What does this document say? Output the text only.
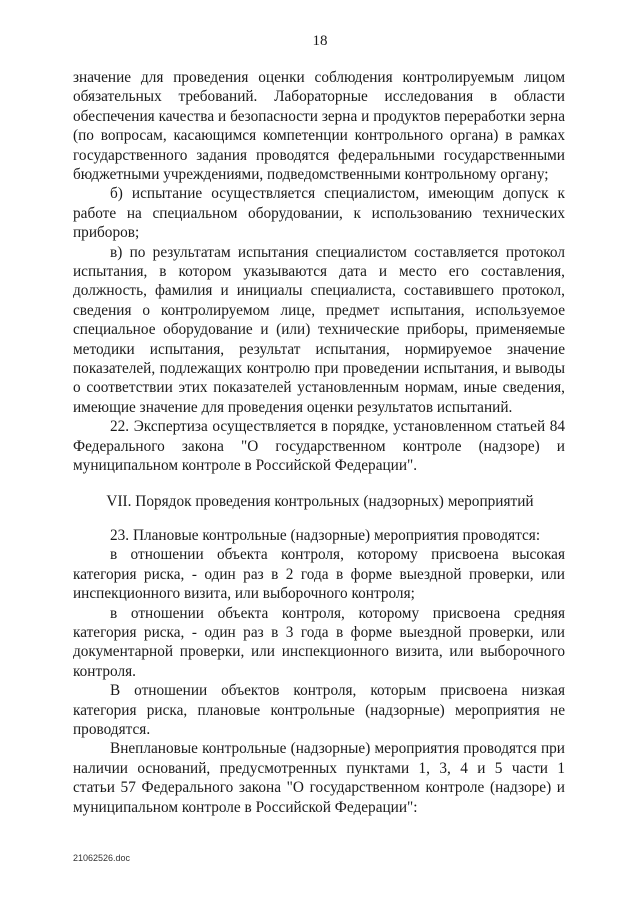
18
значение для проведения оценки соблюдения контролируемым лицом
обязательных требований. Лабораторные исследования в области
обеспечения качества и безопасности зерна и продуктов переработки зерна
(по вопросам, касающимся компетенции контрольного органа) в рамках
государственного задания проводятся федеральными государственными
бюджетными учреждениями, подведомственными контрольному органу;
б) испытание осуществляется специалистом, имеющим допуск к
работе на специальном оборудовании, к использованию технических
приборов;
в) по результатам испытания специалистом составляется протокол
испытания, в котором указываются дата и место его составления,
должность, фамилия и инициалы специалиста, составившего протокол,
сведения о контролируемом лице, предмет испытания, используемое
специальное оборудование и (или) технические приборы, применяемые
методики испытания, результат испытания, нормируемое значение
показателей, подлежащих контролю при проведении испытания, и выводы
о соответствии этих показателей установленным нормам, иные сведения,
имеющие значение для проведения оценки результатов испытаний.
22. Экспертиза осуществляется в порядке, установленном статьей 84
Федерального закона "О государственном контроле (надзоре) и
муниципальном контроле в Российской Федерации".
VII. Порядок проведения контрольных (надзорных) мероприятий
23. Плановые контрольные (надзорные) мероприятия проводятся:
в отношении объекта контроля, которому присвоена высокая
категория риска, - один раз в 2 года в форме выездной проверки, или
инспекционного визита, или выборочного контроля;
в отношении объекта контроля, которому присвоена средняя
категория риска, - один раз в 3 года в форме выездной проверки, или
документарной проверки, или инспекционного визита, или выборочного
контроля.
В отношении объектов контроля, которым присвоена низкая
категория риска, плановые контрольные (надзорные) мероприятия не
проводятся.
Внеплановые контрольные (надзорные) мероприятия проводятся при
наличии оснований, предусмотренных пунктами 1, 3, 4 и 5 части 1
статьи 57 Федерального закона "О государственном контроле (надзоре) и
муниципальном контроле в Российской Федерации":
21062526.doc
